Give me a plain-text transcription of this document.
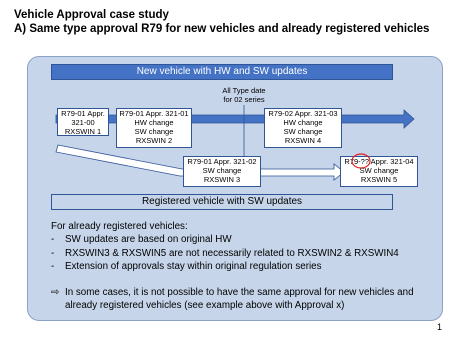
Vehicle Approval case study
A) Same type approval R79 for new vehicles and already registered vehicles
New vehicle with HW and SW updates
All Type date
for 02 series
R79-01 Appr. 321-00
RXSWIN 1
R79-01 Appr. 321-01
HW change
SW change
RXSWIN 2
R79-02 Appr. 321-03
HW change
SW change
RXSWIN 4
R79-01 Appr. 321-02
SW change
RXSWIN 3
R79-?? Appr. 321-04
SW change
RXSWIN 5
Registered vehicle with SW updates
For already registered vehicles:
-	SW updates are based on original HW
-	RXSWIN3 & RXSWIN5 are not necessarily related to RXSWIN2 & RXSWIN4
-	Extension of approvals stay within original regulation series
⇨ In some cases, it is not possible to have the same approval for new vehicles and already registered vehicles (see example above with Approval x)
1
